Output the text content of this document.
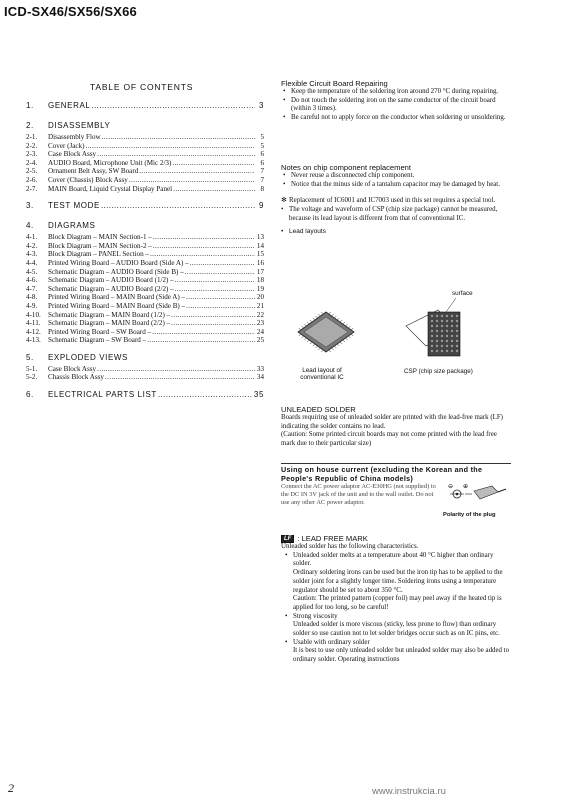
ICD-SX46/SX56/SX66
TABLE OF CONTENTS
1.	GENERAL .....	3
2.	DISASSEMBLY
2-1.	Disassembly Flow .....	5
2-2.	Cover (Jack) .....	5
2-3.	Case Block Assy .....	6
2-4.	AUDIO Board, Microphone Unit (Mic 2/3) .....	6
2-5.	Ornament Belt Assy, SW Board .....	7
2-6.	Cover (Chassis) Block Assy .....	7
2-7.	MAIN Board, Liquid Crystal Display Panel .....	8
3.	TEST MODE .....	9
4.	DIAGRAMS
4-1.	Block Diagram – MAIN Section-1 – .....	13
4-2.	Block Diagram – MAIN Section-2 – .....	14
4-3.	Block Diagram – PANEL Section – .....	15
4-4.	Printed Wiring Board – AUDIO Board (Side A) – .....	16
4-5.	Schematic Diagram – AUDIO Board (Side B) – .....	17
4-6.	Schematic Diagram – AUDIO Board (1/2) – .....	18
4-7.	Schematic Diagram – AUDIO Board (2/2) – .....	19
4-8.	Printed Wiring Board – MAIN Board (Side A) – .....	20
4-9.	Printed Wiring Board – MAIN Board (Side B) – .....	21
4-10.	Schematic Diagram – MAIN Board (1/2) – .....	22
4-11.	Schematic Diagram – MAIN Board (2/2) – .....	23
4-12.	Printed Wiring Board – SW Board – .....	24
4-13.	Schematic Diagram – SW Board – .....	25
5.	EXPLODED VIEWS
5-1.	Case Block Assy .....	33
5-2.	Chassis Block Assy .....	34
6.	ELECTRICAL PARTS LIST .....	35
Flexible Circuit Board Repairing
• Keep the temperature of the soldering iron around 270 °C during repairing.
• Do not touch the soldering iron on the same conductor of the circuit board (within 3 times).
• Be careful not to apply force on the conductor when soldering or unsoldering.
Notes on chip component replacement
• Never reuse a disconnected chip component.
• Notice that the minus side of a tantalum capacitor may be damaged by heat.
✻ Replacement of IC6001 and IC7003 used in this set requires a special tool.
• The voltage and waveform of CSP (chip size package) cannot be measured, because its lead layout is different from that of conventional IC.
• Lead layouts
surface
Lead layout of
conventional IC
CSP (chip size package)
UNLEADED SOLDER
Boards requiring use of unleaded solder are printed with the lead-free mark (LF) indicating the solder contains no lead.
(Caution: Some printed circuit boards may not come printed with the lead free mark due to their particular size)
Using on house current (excluding the Korean and the People's Republic of China models)
Connect the AC power adaptor AC-E30HG (not supplied) to the DC IN 3V jack of the unit and to the wall outlet. Do not use any other AC power adaptor.
⊖ ⊕
Polarity of the plug
LF : LEAD FREE MARK
Unleaded solder has the following characteristics.
• Unleaded solder melts at a temperature about 40 °C higher than ordinary solder.
Ordinary soldering irons can be used but the iron tip has to be applied to the solder joint for a slightly longer time. Soldering irons using a temperature regulator should be set to about 350 °C.
Caution: The printed pattern (copper foil) may peel away if the heated tip is applied for too long, so be careful!
• Strong viscosity
Unleaded solder is more viscous (sticky, less prone to flow) than ordinary solder so use caution not to let solder bridges occur such as on IC pins, etc.
• Usable with ordinary solder
It is best to use only unleaded solder but unleaded solder may also be added to ordinary solder. Operating instructions
2	www.instrukcia.ru
